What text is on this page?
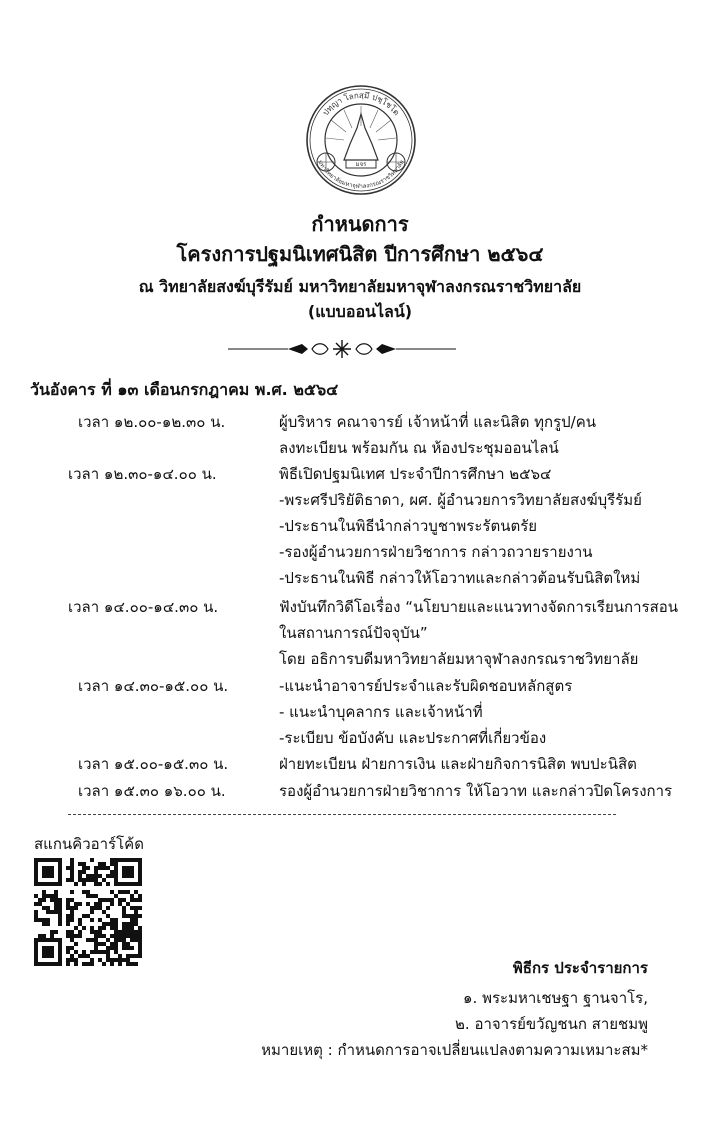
ปทฺญา โลกสฺมึ ปชฺโชโต
มหาวิทยาลัยมหาจุฬาลงกรณราชวิทยาลัย
มจร
กำหนดการ
โครงการปฐมนิเทศนิสิต ปีการศึกษา ๒๕๖๔
ณ วิทยาลัยสงฆ์บุรีรัมย์ มหาวิทยาลัยมหาจุฬาลงกรณราชวิทยาลัย
(แบบออนไลน์)
วันอังคาร ที่ ๑๓ เดือนกรกฎาคม พ.ศ. ๒๕๖๔
เวลา ๑๒.๐๐-๑๒.๓๐ น.	ผู้บริหาร คณาจารย์ เจ้าหน้าที่ และนิสิต ทุกรูป/คน
ลงทะเบียน พร้อมกัน ณ ห้องประชุมออนไลน์
เวลา ๑๒.๓๐-๑๔.๐๐ น.	พิธีเปิดปฐมนิเทศ ประจำปีการศึกษา ๒๕๖๔
-พระศรีปริยัติธาดา, ผศ. ผู้อำนวยการวิทยาลัยสงฆ์บุรีรัมย์
-ประธานในพิธีนำกล่าวบูชาพระรัตนตรัย
-รองผู้อำนวยการฝ่ายวิชาการ กล่าวถวายรายงาน
-ประธานในพิธี กล่าวให้โอวาทและกล่าวต้อนรับนิสิตใหม่
เวลา ๑๔.๐๐-๑๔.๓๐ น.	ฟังบันทึกวิดีโอเรื่อง “นโยบายและแนวทางจัดการเรียนการสอน
ในสถานการณ์ปัจจุบัน”
โดย อธิการบดีมหาวิทยาลัยมหาจุฬาลงกรณราชวิทยาลัย
เวลา ๑๔.๓๐-๑๕.๐๐ น.	-แนะนำอาจารย์ประจำและรับผิดชอบหลักสูตร
- แนะนำบุคลากร และเจ้าหน้าที่
-ระเบียบ ข้อบังคับ และประกาศที่เกี่ยวข้อง
เวลา ๑๕.๐๐-๑๕.๓๐ น.	ฝ่ายทะเบียน ฝ่ายการเงิน และฝ่ายกิจการนิสิต พบปะนิสิต
เวลา ๑๕.๓๐ ๑๖.๐๐ น.	รองผู้อำนวยการฝ่ายวิชาการ ให้โอวาท และกล่าวปิดโครงการ
สแกนคิวอาร์โค้ด
พิธีกร ประจำรายการ
๑. พระมหาเชษฐา ฐานจาโร,
๒. อาจารย์ขวัญชนก สายชมพู
หมายเหตุ : กำหนดการอาจเปลี่ยนแปลงตามความเหมาะสม*
